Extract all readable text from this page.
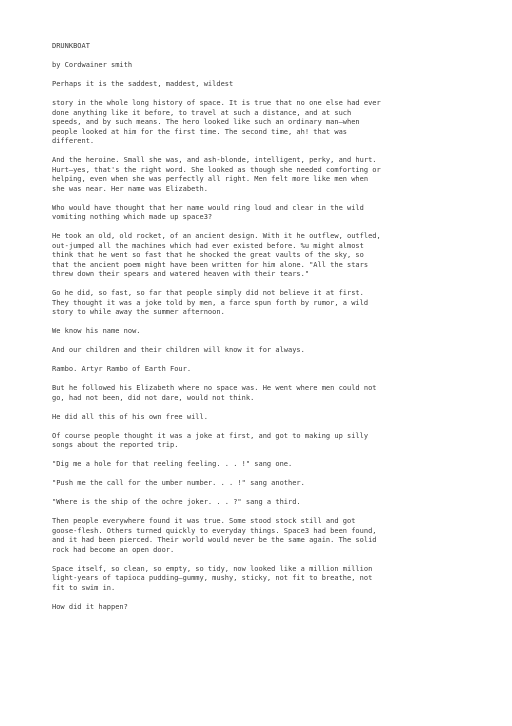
DRUNKBOAT

by Cordwainer smith

Perhaps it is the saddest, maddest, wildest

story in the whole long history of space. It is true that no one else had ever
done anything like it before, to travel at such a distance, and at such
speeds, and by such means. The hero looked like such an ordinary man—when
people looked at him for the first time. The second time, ah! that was
different.

And the heroine. Small she was, and ash-blonde, intelligent, perky, and hurt.
Hurt—yes, that's the right word. She looked as though she needed comforting or
helping, even when she was perfectly all right. Men felt more like men when
she was near. Her name was Elizabeth.

Who would have thought that her name would ring loud and clear in the wild
vomiting nothing which made up space3?

He took an old, old rocket, of an ancient design. With it he outflew, outfled,
out-jumped all the machines which had ever existed before. %u might almost
think that he went so fast that he shocked the great vaults of the sky, so
that the ancient poem might have been written for him alone. "All the stars
threw down their spears and watered heaven with their tears."

Go he did, so fast, so far that people simply did not believe it at first.
They thought it was a joke told by men, a farce spun forth by rumor, a wild
story to while away the summer afternoon.

We know his name now.

And our children and their children will know it for always.

Rambo. Artyr Rambo of Earth Four.

But he followed his Elizabeth where no space was. He went where men could not
go, had not been, did not dare, would not think.

He did all this of his own free will.

Of course people thought it was a joke at first, and got to making up silly
songs about the reported trip.

"Dig me a hole for that reeling feeling. . . !" sang one.

"Push me the call for the umber number. . . !" sang another.

"Where is the ship of the ochre joker. . . ?" sang a third.

Then people everywhere found it was true. Some stood stock still and got
goose-flesh. Others turned quickly to everyday things. Space3 had been found,
and it had been pierced. Their world would never be the same again. The solid
rock had become an open door.

Space itself, so clean, so empty, so tidy, now looked like a million million
light-years of tapioca pudding—gummy, mushy, sticky, not fit to breathe, not
fit to swim in.

How did it happen?
